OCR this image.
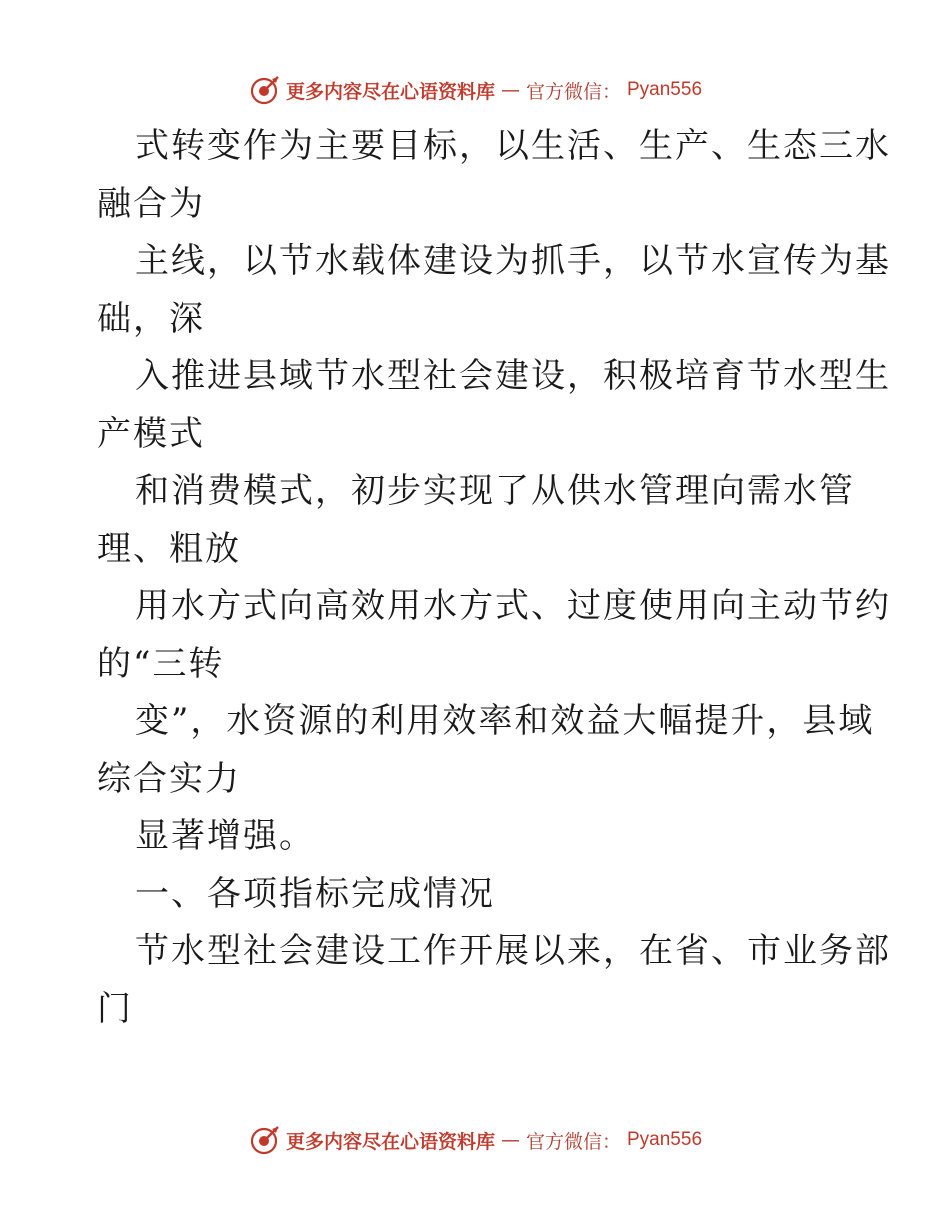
更多内容尽在心语资料库 — 官方微信： Pyan556
式转变作为主要目标，以生活、生产、生态三水
融合为
主线，以节水载体建设为抓手，以节水宣传为基
础，深
入推进县域节水型社会建设，积极培育节水型生
产模式
和消费模式，初步实现了从供水管理向需水管
理、粗放
用水方式向高效用水方式、过度使用向主动节约
的“三转
变”，水资源的利用效率和效益大幅提升，县域
综合实力
显著增强。
一、各项指标完成情况
节水型社会建设工作开展以来，在省、市业务部
门
更多内容尽在心语资料库 — 官方微信： Pyan556
